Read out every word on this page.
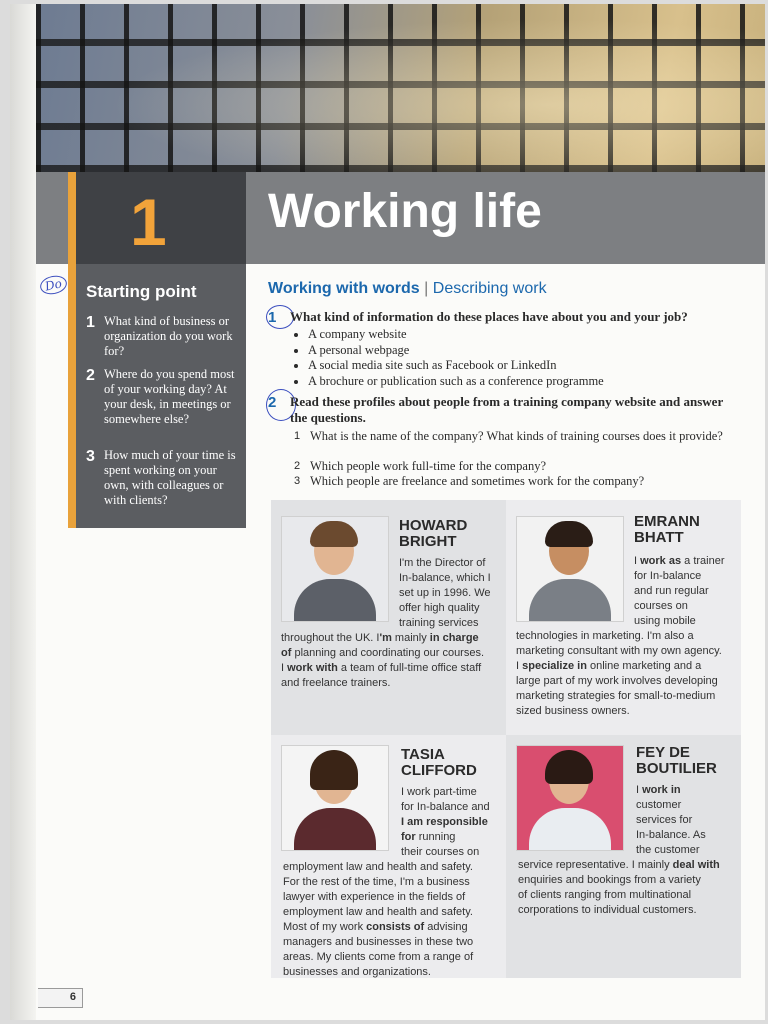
1 Working life
Do	Starting point
1 What kind of business or organization do you work for?
2 Where do you spend most of your working day? At your desk, in meetings or somewhere else?
3 How much of your time is spent working on your own, with colleagues or with clients?
Working with words | Describing work
1	What kind of information do these places have about you and your job?
• A company website
• A personal webpage
• A social media site such as Facebook or LinkedIn
• A brochure or publication such as a conference programme
2	Read these profiles about people from a training company website and answer the questions.
1 What is the name of the company? What kinds of training courses does it provide?
2 Which people work full-time for the company?
3 Which people are freelance and sometimes work for the company?
HOWARD
BRIGHT
I'm the Director of
In-balance, which I
set up in 1996. We
offer high quality
training services
throughout the UK. I'm mainly in charge
of planning and coordinating our courses.
I work with a team of full-time office staff
and freelance trainers.
EMRANN
BHATT
I work as a trainer
for In-balance
and run regular
courses on
using mobile
technologies in marketing. I'm also a
marketing consultant with my own agency.
I specialize in online marketing and a
large part of my work involves developing
marketing strategies for small-to-medium
sized business owners.
TASIA
CLIFFORD
I work part-time
for In-balance and
I am responsible
for running
their courses on
employment law and health and safety.
For the rest of the time, I'm a business
lawyer with experience in the fields of
employment law and health and safety.
Most of my work consists of advising
managers and businesses in these two
areas. My clients come from a range of
businesses and organizations.
FEY DE
BOUTILIER
I work in
customer
services for
In-balance. As
the customer
service representative. I mainly deal with
enquiries and bookings from a variety
of clients ranging from multinational
corporations to individual customers.
6
